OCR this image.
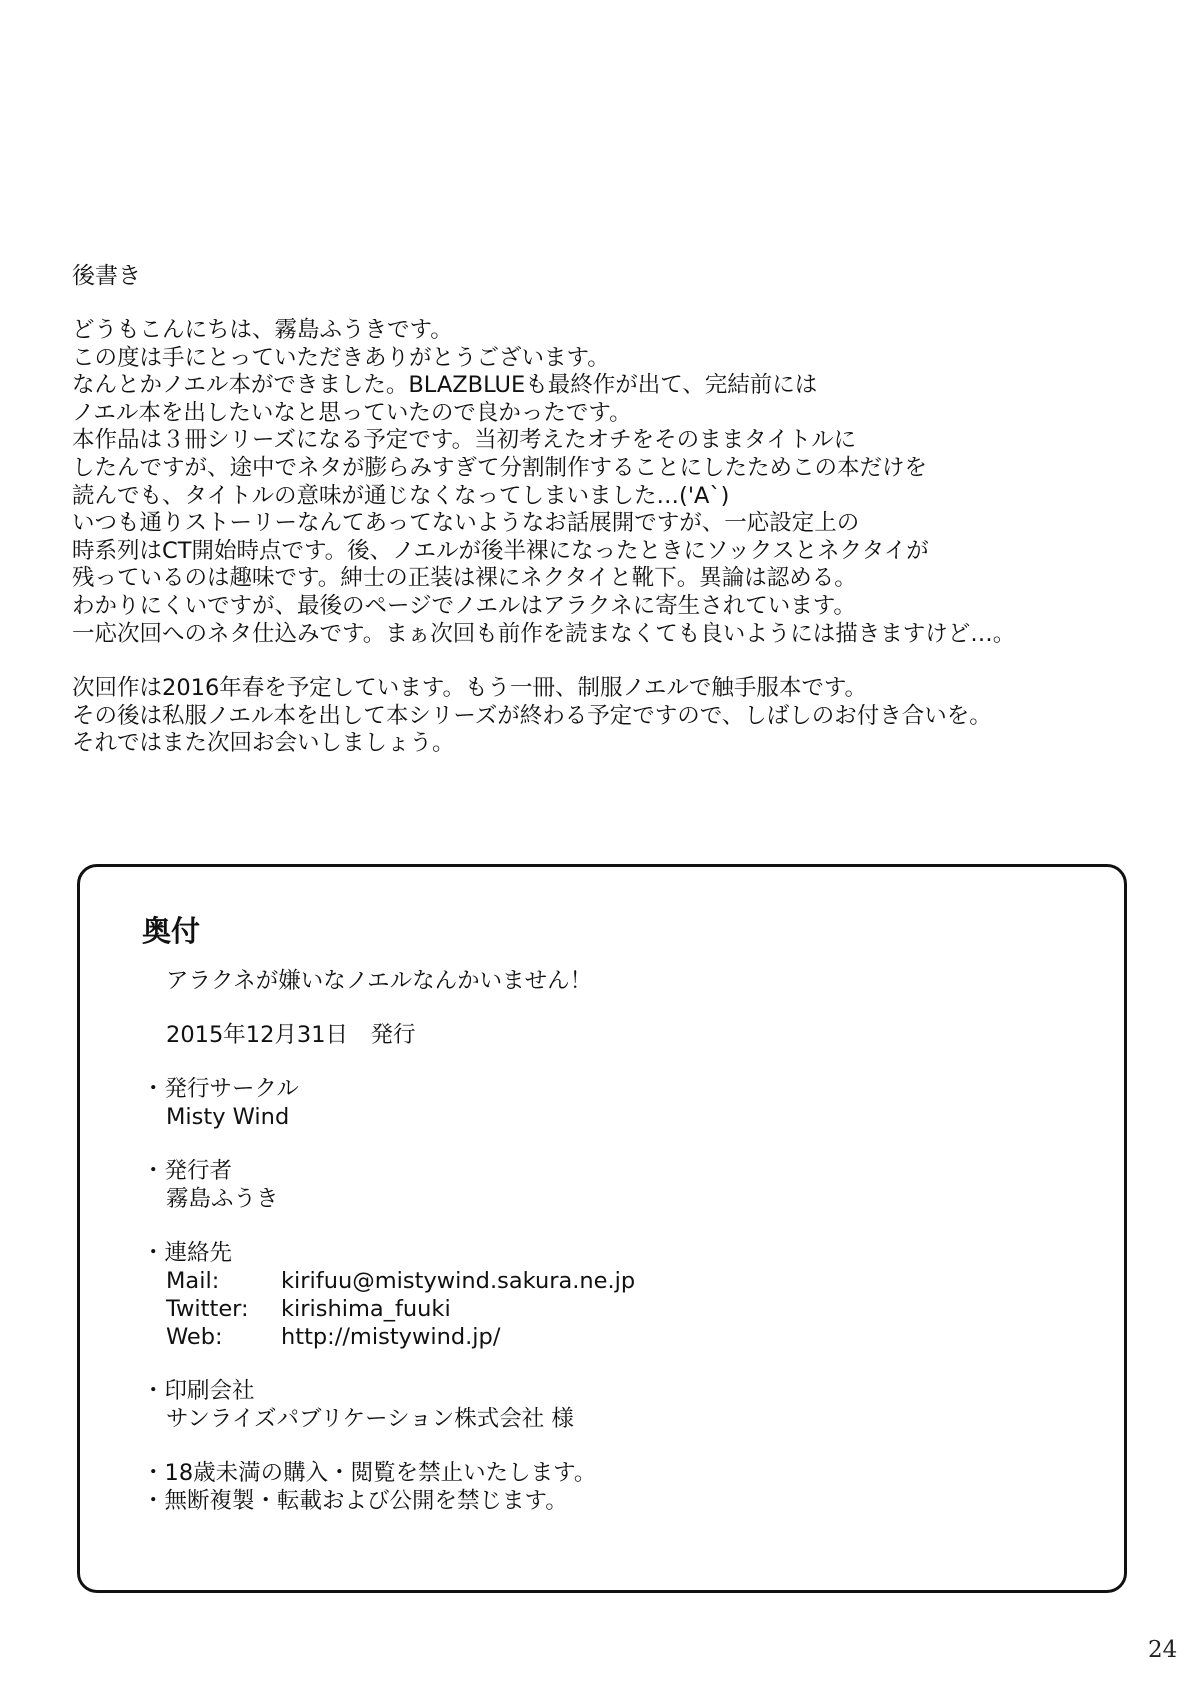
後書き
どうもこんにちは、霧島ふうきです。
この度は手にとっていただきありがとうございます。
なんとかノエル本ができました。BLAZBLUEも最終作が出て、完結前には
ノエル本を出したいなと思っていたので良かったです。
本作品は３冊シリーズになる予定です。当初考えたオチをそのままタイトルに
したんですが、途中でネタが膨らみすぎて分割制作することにしたためこの本だけを
読んでも、タイトルの意味が通じなくなってしまいました…('A`)
いつも通りストーリーなんてあってないようなお話展開ですが、一応設定上の
時系列はCT開始時点です。後、ノエルが後半裸になったときにソックスとネクタイが
残っているのは趣味です。紳士の正装は裸にネクタイと靴下。異論は認める。
わかりにくいですが、最後のページでノエルはアラクネに寄生されています。
一応次回へのネタ仕込みです。まぁ次回も前作を読まなくても良いようには描きますけど…。
次回作は2016年春を予定しています。もう一冊、制服ノエルで触手服本です。
その後は私服ノエル本を出して本シリーズが終わる予定ですので、しばしのお付き合いを。
それではまた次回お会いしましょう。
奥付
アラクネが嫌いなノエルなんかいません！
2015年12月31日　発行
・発行サークル
Misty Wind
・発行者
霧島ふうき
・連絡先
Mail:	kirifuu@mistywind.sakura.ne.jp
Twitter:	kirishima_fuuki
Web:	http://mistywind.jp/
・印刷会社
サンライズパブリケーション株式会社 様
・18歳未満の購入・閲覧を禁止いたします。
・無断複製・転載および公開を禁じます。
24
